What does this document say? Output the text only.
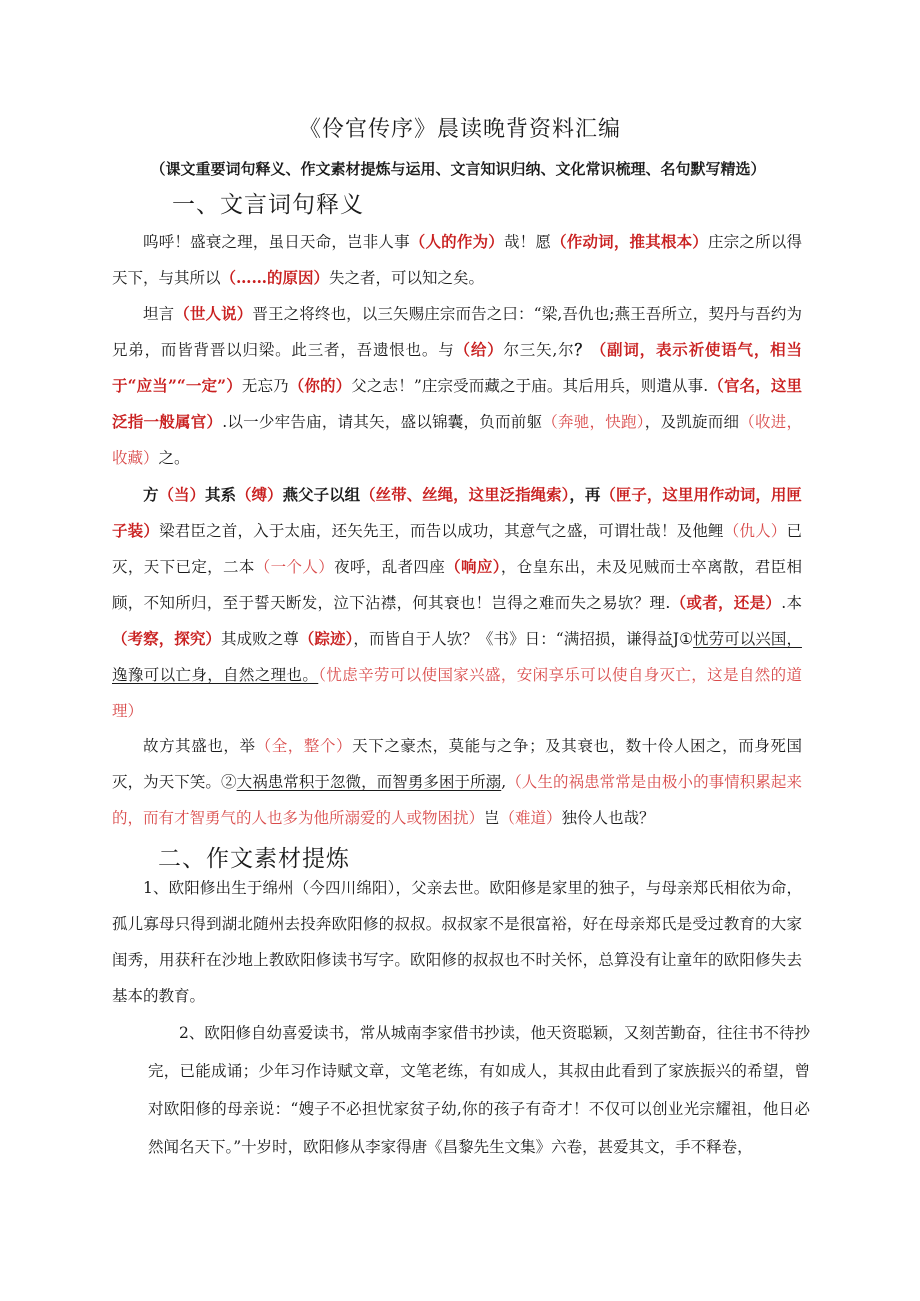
《伶官传序》晨读晚背资料汇编
（课文重要词句释义、作文素材提炼与运用、文言知识归纳、文化常识梳理、名句默写精选）
一、文言词句释义

呜呼！盛衰之理，虽日天命，岂非人事（人的作为）哉！愿（作动词，推其根本）庄宗之所以得天下，与其所以（……的原因）失之者，可以知之矣。

坦言（世人说）晋王之将终也，以三矢赐庄宗而告之曰：“梁,吾仇也;燕王吾所立，契丹与吾约为兄弟，而皆背晋以归梁。此三者，吾遗恨也。与（给）尔三矢,尔？（副词，表示祈使语气，相当于“应当”“一定”）无忘乃（你的）父之志！”庄宗受而藏之于庙。其后用兵，则遣从事.（官名，这里泛指一般属官）.以一少牢告庙，请其矢，盛以锦囊，负而前躯（奔驰，快跑），及凯旋而细（收进，收藏）之。

方（当）其系（缚）燕父子以组（丝带、丝绳，这里泛指绳索），再（匣子，这里用作动词，用匣子装）梁君臣之首，入于太庙，还矢先王，而告以成功，其意气之盛，可谓壮哉！及他鲤（仇人）已灭，天下已定，二本（一个人）夜呼，乱者四座（响应），仓皇东出，未及见贼而士卒离散，君臣相顾，不知所归，至于誓天断发，泣下沾襟，何其衰也！岂得之难而失之易欤？理.（或者，还是）.本（考察，探究）其成败之尊（踪迹），而皆自于人欤？《书》日：“满招损，谦得益J①忧劳可以兴国，逸豫可以亡身，自然之理也。（忧虑辛劳可以使国家兴盛，安闲享乐可以使自身灭亡，这是自然的道理）

故方其盛也，举（全，整个）天下之豪杰，莫能与之争；及其衰也，数十伶人困之，而身死国灭，为天下笑。②大祸患常积于忽微，而智勇多困于所溺,（人生的祸患常常是由极小的事情积累起来的，而有才智勇气的人也多为他所溺爱的人或物困扰）岂（难道）独伶人也哉？

二、作文素材提炼

1、欧阳修出生于绵州（今四川绵阳），父亲去世。欧阳修是家里的独子，与母亲郑氏相依为命，孤儿寡母只得到湖北随州去投奔欧阳修的叔叔。叔叔家不是很富裕，好在母亲郑氏是受过教育的大家闺秀，用获秆在沙地上教欧阳修读书写字。欧阳修的叔叔也不时关怀，总算没有让童年的欧阳修失去基本的教育。

2、欧阳修自幼喜爱读书，常从城南李家借书抄读，他天资聪颖，又刻苦勤奋，往往书不待抄完，已能成诵；少年习作诗赋文章，文笔老练，有如成人，其叔由此看到了家族振兴的希望，曾对欧阳修的母亲说：“嫂子不必担忧家贫子幼,你的孩子有奇才！不仅可以创业光宗耀祖，他日必然闻名天下。”十岁时，欧阳修从李家得唐《昌黎先生文集》六卷，甚爱其文，手不释卷，
